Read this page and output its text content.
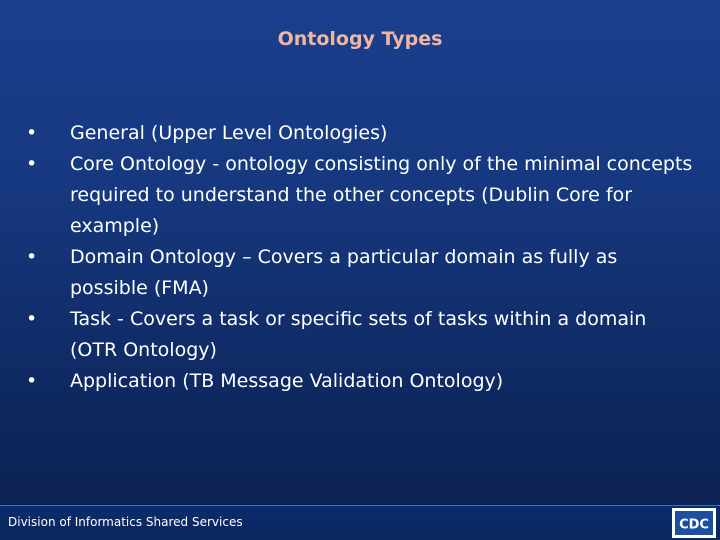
Ontology Types
• General (Upper Level Ontologies)
• Core Ontology - ontology consisting only of the minimal concepts required to understand the other concepts (Dublin Core for example)
• Domain Ontology – Covers a particular domain as fully as possible (FMA)
• Task - Covers a task or specific sets of tasks within a domain (OTR Ontology)
• Application (TB Message Validation Ontology)
Division of Informatics Shared Services	CDC
